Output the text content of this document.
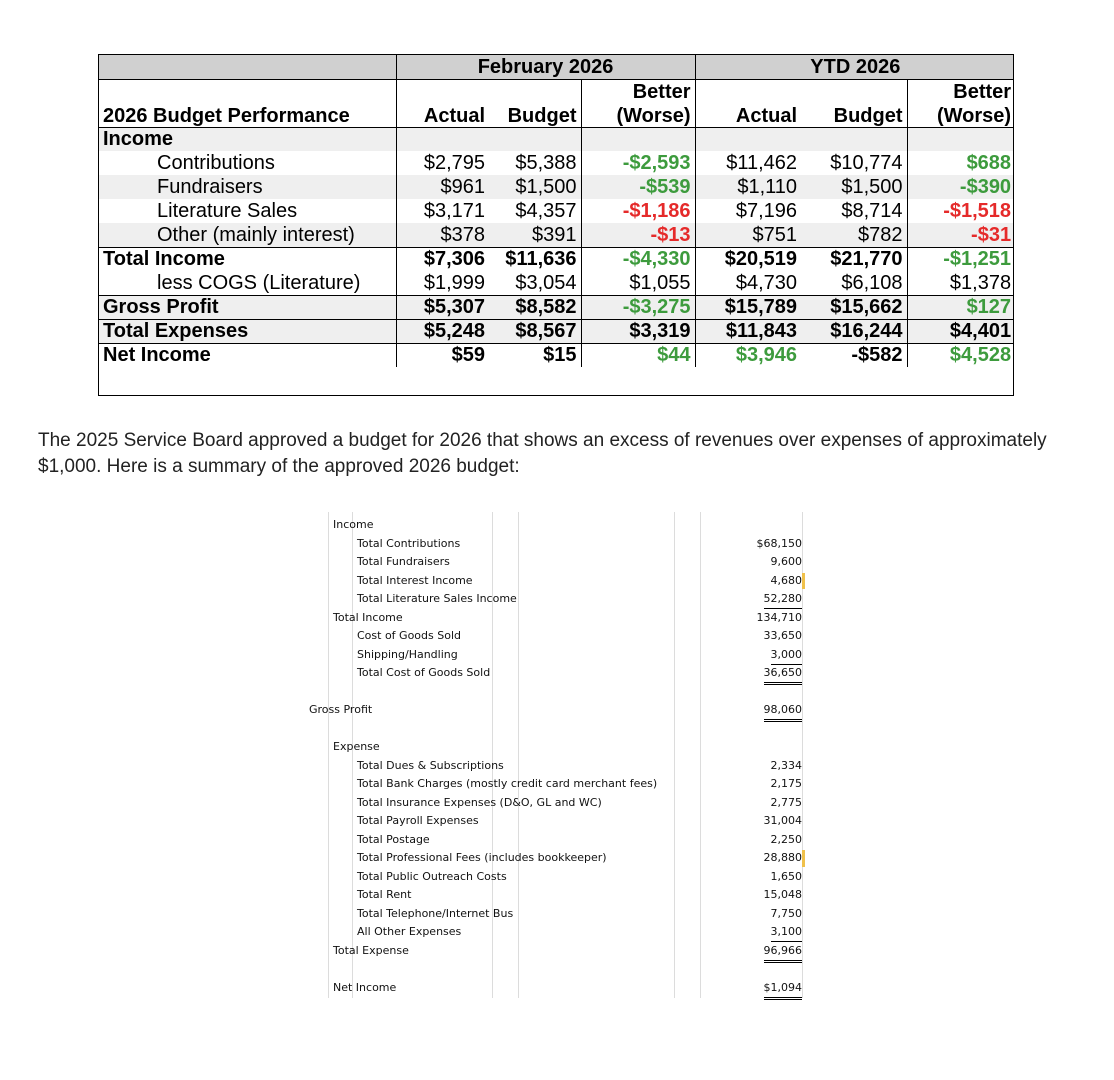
	February 2026			YTD 2026		
			Better			Better
2026 Budget Performance	Actual	Budget	(Worse)	Actual	Budget	(Worse)
Income						
Contributions	$2,795	$5,388	-$2,593	$11,462	$10,774	$688
Fundraisers	$961	$1,500	-$539	$1,110	$1,500	-$390
Literature Sales	$3,171	$4,357	-$1,186	$7,196	$8,714	-$1,518
Other (mainly interest)	$378	$391	-$13	$751	$782	-$31
Total Income	$7,306	$11,636	-$4,330	$20,519	$21,770	-$1,251
less COGS (Literature)	$1,999	$3,054	$1,055	$4,730	$6,108	$1,378
Gross Profit	$5,307	$8,582	-$3,275	$15,789	$15,662	$127
Total Expenses	$5,248	$8,567	$3,319	$11,843	$16,244	$4,401
Net Income	$59	$15	$44	$3,946	-$582	$4,528
The 2025 Service Board approved a budget for 2026 that shows an excess of revenues over expenses of approximately $1,000. Here is a summary of the approved 2026 budget:
Income
Total Contributions	$68,150
Total Fundraisers	9,600
Total Interest Income	4,680
Total Literature Sales Income	52,280
Total Income	134,710
Cost of Goods Sold	33,650
Shipping/Handling	3,000
Total Cost of Goods Sold	36,650
Gross Profit	98,060
Expense
Total Dues & Subscriptions	2,334
Total Bank Charges (mostly credit card merchant fees)	2,175
Total Insurance Expenses (D&O, GL and WC)	2,775
Total Payroll Expenses	31,004
Total Postage	2,250
Total Professional Fees (includes bookkeeper)	28,880
Total Public Outreach Costs	1,650
Total Rent	15,048
Total Telephone/Internet Bus	7,750
All Other Expenses	3,100
Total Expense	96,966
Net Income	$1,094
